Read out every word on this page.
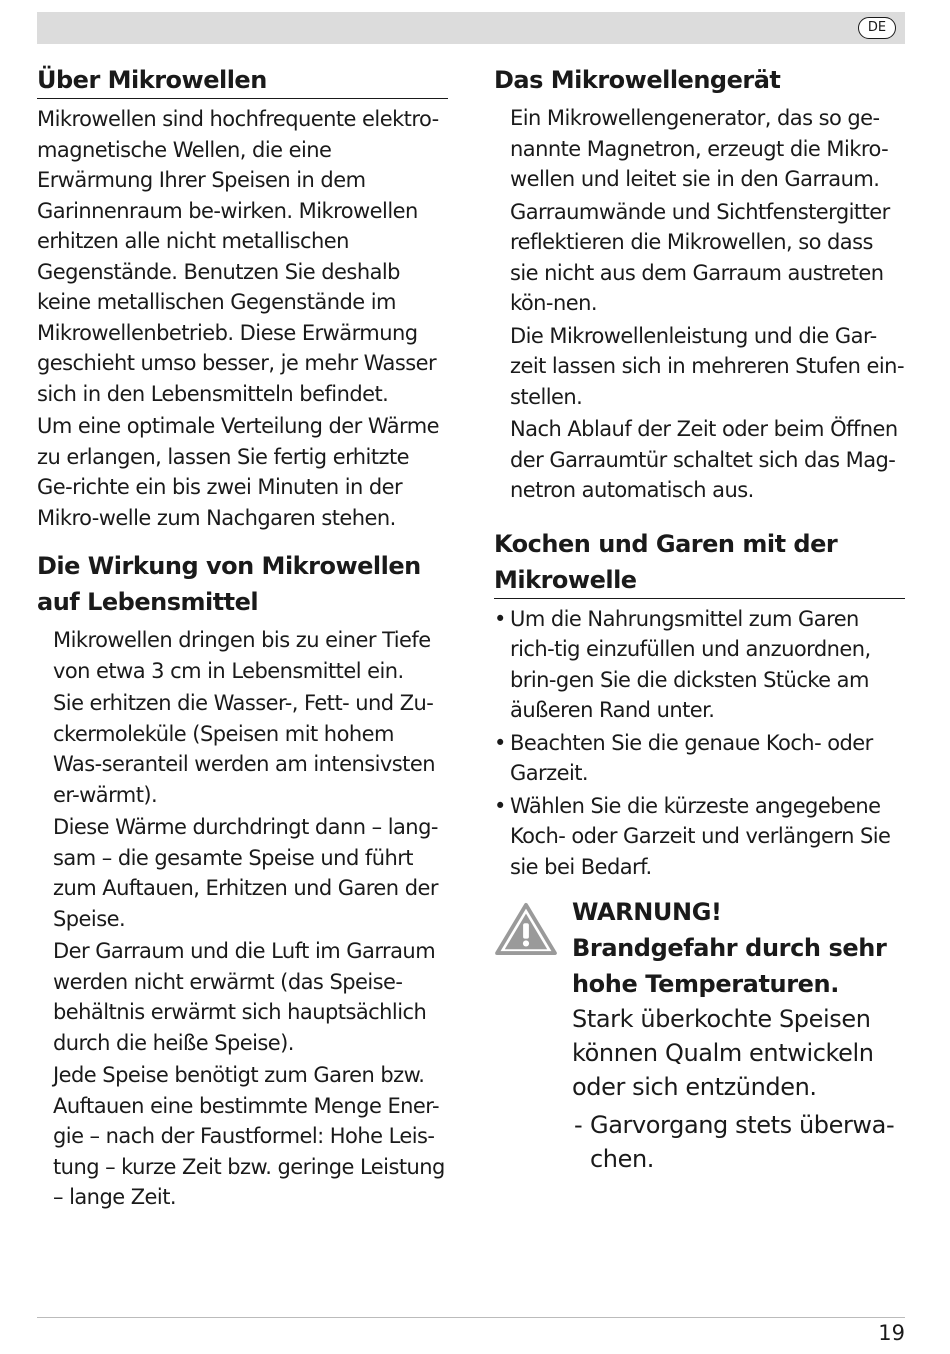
DE
Über Mikrowellen

Mikrowellen sind hochfrequente elektro-magnetische Wellen, die eine Erwärmung Ihrer Speisen in dem Garinnenraum be-wirken. Mikrowellen erhitzen alle nicht metallischen Gegenstände. Benutzen Sie deshalb keine metallischen Gegenstände im Mikrowellenbetrieb. Diese Erwärmung geschieht umso besser, je mehr Wasser sich in den Lebensmitteln befindet.

Um eine optimale Verteilung der Wärme zu erlangen, lassen Sie fertig erhitzte Ge-richte ein bis zwei Minuten in der Mikro-welle zum Nachgaren stehen.

Die Wirkung von Mikrowellen auf Lebensmittel

Mikrowellen dringen bis zu einer Tiefe von etwa 3 cm in Lebensmittel ein.

Sie erhitzen die Wasser-, Fett- und Zu-ckermoleküle (Speisen mit hohem Was-seranteil werden am intensivsten er-wärmt).

Diese Wärme durchdringt dann – lang-sam – die gesamte Speise und führt zum Auftauen, Erhitzen und Garen der Speise.

Der Garraum und die Luft im Garraum werden nicht erwärmt (das Speise-behältnis erwärmt sich hauptsächlich durch die heiße Speise).

Jede Speise benötigt zum Garen bzw. Auftauen eine bestimmte Menge Ener-gie – nach der Faustformel: Hohe Leis-tung – kurze Zeit bzw. geringe Leistung – lange Zeit.

Das Mikrowellengerät

Ein Mikrowellengenerator, das so ge-nannte Magnetron, erzeugt die Mikro-wellen und leitet sie in den Garraum.

Garraumwände und Sichtfenstergitter reflektieren die Mikrowellen, so dass sie nicht aus dem Garraum austreten kön-nen.

Die Mikrowellenleistung und die Gar-zeit lassen sich in mehreren Stufen ein-stellen.

Nach Ablauf der Zeit oder beim Öffnen der Garraumtür schaltet sich das Mag-netron automatisch aus.

Kochen und Garen mit der Mikrowelle
• Um die Nahrungsmittel zum Garen rich-tig einzufüllen und anzuordnen, brin-gen Sie die dicksten Stücke am äußeren Rand unter.
• Beachten Sie die genaue Koch- oder Garzeit.
• Wählen Sie die kürzeste angegebene Koch- oder Garzeit und verlängern Sie sie bei Bedarf.
WARNUNG!
Brandgefahr durch sehr hohe Temperaturen.
Stark überkochte Speisen können Qualm entwickeln oder sich entzünden.
- Garvorgang stets überwa-chen.
19
